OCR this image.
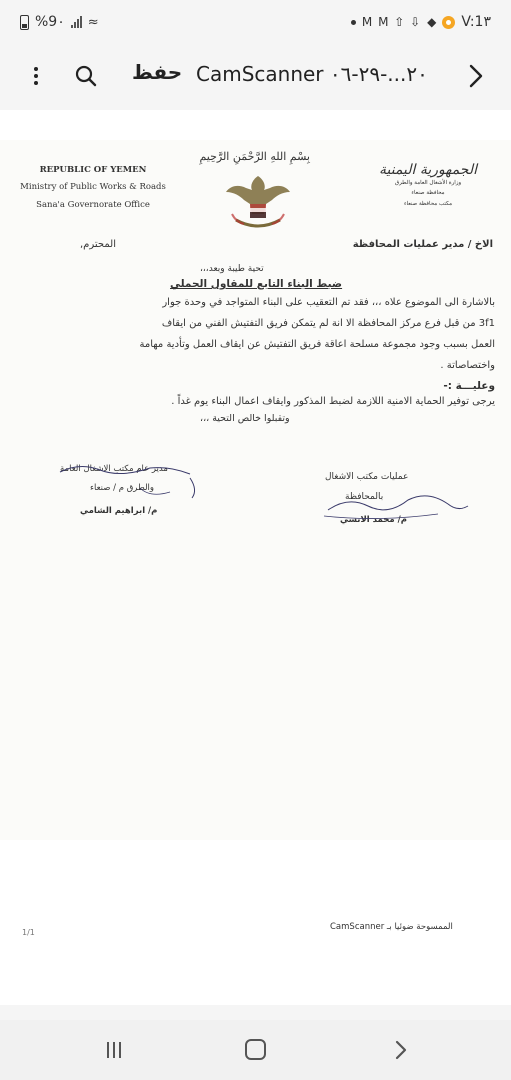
%9٠ ≈	M M ⇧ ⇩ ◆ V:1٣
حفظ CamScanner ٢٠...-٢٩-٠٦
REPUBLIC OF YEMEN
Ministry of Public Works & Roads
Sana'a Governorate Office
بِسْمِ اللهِ الرَّحْمَنِ الرَّحِيمِ
الجمهورية اليمنية
وزارة الأشغال العامة والطرق
محافظة صنعاء
مكتب محافظة صنعاء
المحترم,	الاخ / مدير عمليات المحافظة
تحية طيبة وبعد،،،
ضبط البناء التابع للمقاول الحملي
بالاشارة الى الموضوع علاه ،،، فقد تم التعقيب على البناء المتواجد في وحدة جوار
3f1 من قبل فرع مركز المحافظة الا انة لم يتمكن فريق التفتيش الفني من ايقاف
العمل بسبب وجود مجموعة مسلحة اعاقة فريق التفتيش عن ايقاف العمل وتأدية مهامة
واختصاصاتة .
وعليـــة :-
يرجى توفير الحماية الامنية اللازمة لضبط المذكور وايقاف اعمال البناء يوم غداً .
وتقبلوا خالص التحية ،،،
مدير عام مكتب الاشغال العامة
والطرق م / صنعاء
م/ ابراهيم الشامي
عمليات مكتب الاشغال
بالمحافظة
م/ محمد الانسي
CamScanner الممسوحة ضوئيا بـ
1/1
